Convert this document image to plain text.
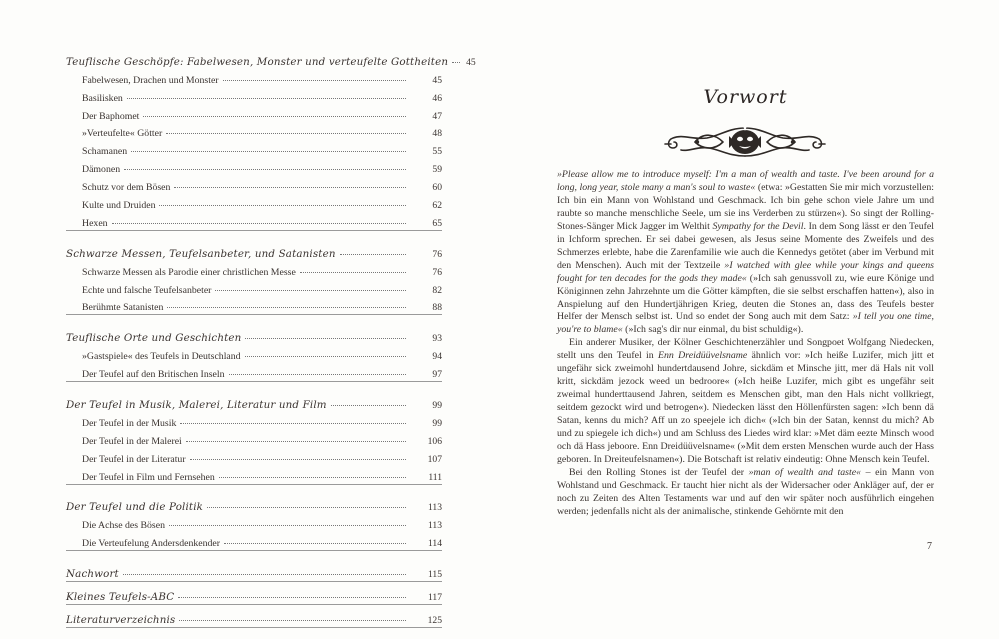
Teuflische Geschöpfe: Fabelwesen, Monster und verteufelte Gottheiten 45
Fabelwesen, Drachen und Monster	45
Basilisken	46
Der Baphomet	47
»Verteufelte« Götter	48
Schamanen	55
Dämonen	59
Schutz vor dem Bösen	60
Kulte und Druiden	62
Hexen	65
Schwarze Messen, Teufelsanbeter, und Satanisten	76
Schwarze Messen als Parodie einer christlichen Messe	76
Echte und falsche Teufelsanbeter	82
Berühmte Satanisten	88
Teuflische Orte und Geschichten	93
»Gastspiele« des Teufels in Deutschland	94
Der Teufel auf den Britischen Inseln	97
Der Teufel in Musik, Malerei, Literatur und Film	99
Der Teufel in der Musik	99
Der Teufel in der Malerei	106
Der Teufel in der Literatur	107
Der Teufel in Film und Fernsehen	111
Der Teufel und die Politik	113
Die Achse des Bösen	113
Die Verteufelung Andersdenkender	114
Nachwort	115
Kleines Teufels-ABC	117
Literaturverzeichnis	125
Vorwort

»Please allow me to introduce myself: I'm a man of wealth and taste. I've been around for a long, long year, stole many a man's soul to waste« (etwa: »Gestatten Sie mir mich vorzustellen: Ich bin ein Mann von Wohlstand und Geschmack. Ich bin gehe schon viele Jahre um und raubte so manche menschliche Seele, um sie ins Verderben zu stürzen«). So singt der Rolling-Stones-Sänger Mick Jagger im Welthit Sympathy for the Devil. In dem Song lässt er den Teufel in Ichform sprechen. Er sei dabei gewesen, als Jesus seine Momente des Zweifels und des Schmerzes erlebte, habe die Zarenfamilie wie auch die Kennedys getötet (aber im Verbund mit den Menschen). Auch mit der Textzeile »I watched with glee while your kings and queens fought for ten decades for the gods they made« (»Ich sah genussvoll zu, wie eure Könige und Königinnen zehn Jahrzehnte um die Götter kämpften, die sie selbst erschaffen hatten«), also in Anspielung auf den Hundertjährigen Krieg, deuten die Stones an, dass des Teufels bester Helfer der Mensch selbst ist. Und so endet der Song auch mit dem Satz: »I tell you one time, you're to blame« (»Ich sag's dir nur einmal, du bist schuldig«).

Ein anderer Musiker, der Kölner Geschichtenerzähler und Songpoet Wolfgang Niedecken, stellt uns den Teufel in Enn Dreidüüvelsname ähnlich vor: »Ich heiße Luzifer, mich jitt et ungefähr sick zweimohl hundertdausend Johre, sickdäm et Minsche jitt, mer dä Hals nit voll kritt, sickdäm jezock weed un bedroore« (»Ich heiße Luzifer, mich gibt es ungefähr seit zweimal hunderttausend Jahren, seitdem es Menschen gibt, man den Hals nicht vollkriegt, seitdem gezockt wird und betrogen«). Niedecken lässt den Höllenfürsten sagen: »Ich benn dä Satan, kenns du mich? Aff un zo speejele ich dich« (»Ich bin der Satan, kennst du mich? Ab und zu spiegele ich dich«) und am Schluss des Liedes wird klar: »Met däm eezte Minsch wood och dä Hass jeboore. Enn Dreidüüvelsname« (»Mit dem ersten Menschen wurde auch der Hass geboren. In Dreiteufelsnamen«). Die Botschaft ist relativ eindeutig: Ohne Mensch kein Teufel.

Bei den Rolling Stones ist der Teufel der »man of wealth and taste« – ein Mann von Wohlstand und Geschmack. Er taucht hier nicht als der Widersacher oder Ankläger auf, der er noch zu Zeiten des Alten Testaments war und auf den wir später noch ausführlich eingehen werden; jedenfalls nicht als der animalische, stinkende Gehörnte mit den

7
